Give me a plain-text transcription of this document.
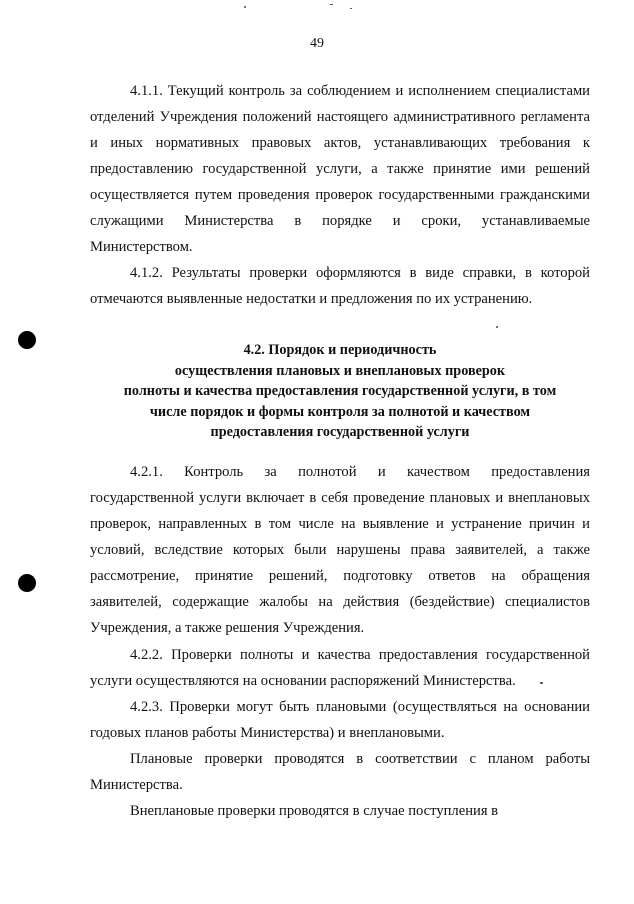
49

4.1.1. Текущий контроль за соблюдением и исполнением специалистами отделений Учреждения положений настоящего административного регламента и иных нормативных правовых актов, устанавливающих требования к предоставлению государственной услуги, а также принятие ими решений осуществляется путем проведения проверок государственными гражданскими служащими Министерства в порядке и сроки, устанавливаемые Министерством.

4.1.2. Результаты проверки оформляются в виде справки, в которой отмечаются выявленные недостатки и предложения по их устранению.

4.2. Порядок и периодичность
осуществления плановых и внеплановых проверок
полноты и качества предоставления государственной услуги, в том
числе порядок и формы контроля за полнотой и качеством
предоставления государственной услуги

4.2.1. Контроль за полнотой и качеством предоставления государственной услуги включает в себя проведение плановых и внеплановых проверок, направленных в том числе на выявление и устранение причин и условий, вследствие которых были нарушены права заявителей, а также рассмотрение, принятие решений, подготовку ответов на обращения заявителей, содержащие жалобы на действия (бездействие) специалистов Учреждения, а также решения Учреждения.

4.2.2. Проверки полноты и качества предоставления государственной услуги осуществляются на основании распоряжений Министерства.

4.2.3. Проверки могут быть плановыми (осуществляться на основании годовых планов работы Министерства) и внеплановыми.

Плановые проверки проводятся в соответствии с планом работы Министерства.

Внеплановые проверки проводятся в случае поступления в
